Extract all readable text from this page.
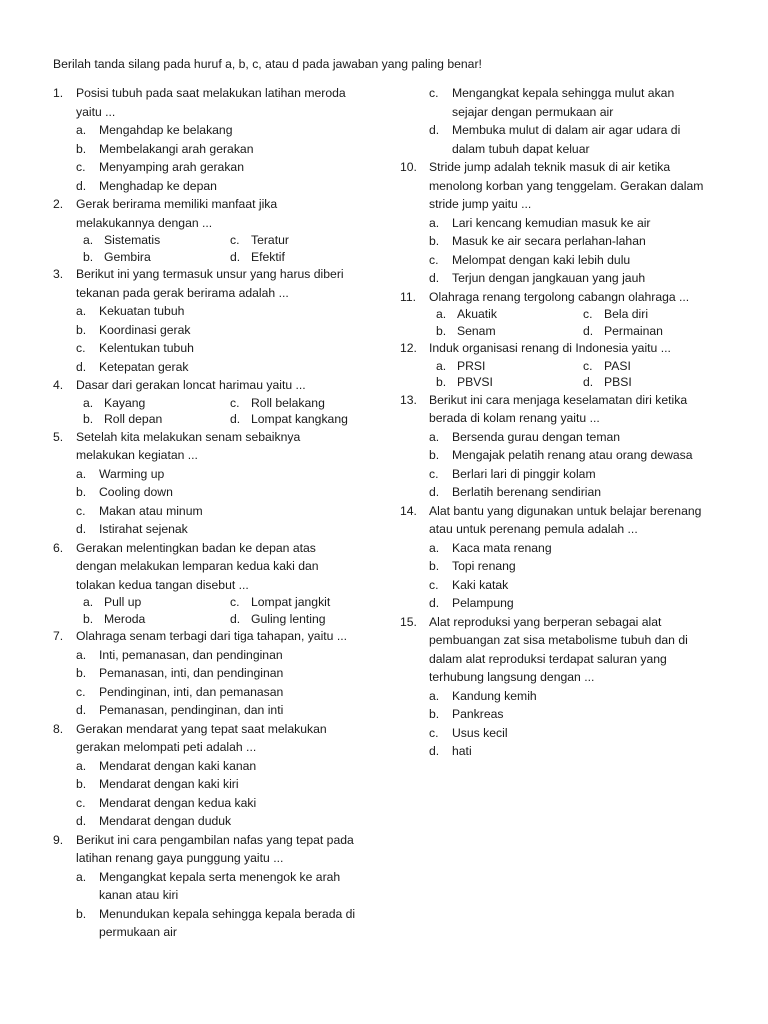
Berilah tanda silang pada huruf a, b, c, atau d pada jawaban yang paling benar!
1. Posisi tubuh pada saat melakukan latihan meroda
yaitu ...
a. Mengahdap ke belakang
b. Membelakangi arah gerakan
c. Menyamping arah gerakan
d. Menghadap ke depan
2. Gerak berirama memiliki manfaat jika
melakukannya dengan ...
a. Sistematis	c. Teratur
b. Gembira	d. Efektif
3. Berikut ini yang termasuk unsur yang harus diberi
tekanan pada gerak berirama adalah ...
a. Kekuatan tubuh
b. Koordinasi gerak
c. Kelentukan tubuh
d. Ketepatan gerak
4. Dasar dari gerakan loncat harimau yaitu ...
a. Kayang	c. Roll belakang
b. Roll depan	d. Lompat kangkang
5. Setelah kita melakukan senam sebaiknya
melakukan kegiatan ...
a. Warming up
b. Cooling down
c. Makan atau minum
d. Istirahat sejenak
6. Gerakan melentingkan badan ke depan atas
dengan melakukan lemparan kedua kaki dan
tolakan kedua tangan disebut ...
a. Pull up	c. Lompat jangkit
b. Meroda	d. Guling lenting
7. Olahraga senam terbagi dari tiga tahapan, yaitu ...
a. Inti, pemanasan, dan pendinginan
b. Pemanasan, inti, dan pendinginan
c. Pendinginan, inti, dan pemanasan
d. Pemanasan, pendinginan, dan inti
8. Gerakan mendarat yang tepat saat melakukan
gerakan melompati peti adalah ...
a. Mendarat dengan kaki kanan
b. Mendarat dengan kaki kiri
c. Mendarat dengan kedua kaki
d. Mendarat dengan duduk
9. Berikut ini cara pengambilan nafas yang tepat pada
latihan renang gaya punggung yaitu ...
a. Mengangkat kepala serta menengok ke arah
kanan atau kiri
b. Menundukan kepala sehingga kepala berada di
permukaan air
c. Mengangkat kepala sehingga mulut akan
sejajar dengan permukaan air
d. Membuka mulut di dalam air agar udara di
dalam tubuh dapat keluar
10. Stride jump adalah teknik masuk di air ketika
menolong korban yang tenggelam. Gerakan dalam
stride jump yaitu ...
a. Lari kencang kemudian masuk ke air
b. Masuk ke air secara perlahan-lahan
c. Melompat dengan kaki lebih dulu
d. Terjun dengan jangkauan yang jauh
11. Olahraga renang tergolong cabangn olahraga ...
a. Akuatik	c. Bela diri
b. Senam	d. Permainan
12. Induk organisasi renang di Indonesia yaitu ...
a. PRSI	c. PASI
b. PBVSI	d. PBSI
13. Berikut ini cara menjaga keselamatan diri ketika
berada di kolam renang yaitu ...
a. Bersenda gurau dengan teman
b. Mengajak pelatih renang atau orang dewasa
c. Berlari lari di pinggir kolam
d. Berlatih berenang sendirian
14. Alat bantu yang digunakan untuk belajar berenang
atau untuk perenang pemula adalah ...
a. Kaca mata renang
b. Topi renang
c. Kaki katak
d. Pelampung
15. Alat reproduksi yang berperan sebagai alat
pembuangan zat sisa metabolisme tubuh dan di
dalam alat reproduksi terdapat saluran yang
terhubung langsung dengan ...
a. Kandung kemih
b. Pankreas
c. Usus kecil
d. hati
